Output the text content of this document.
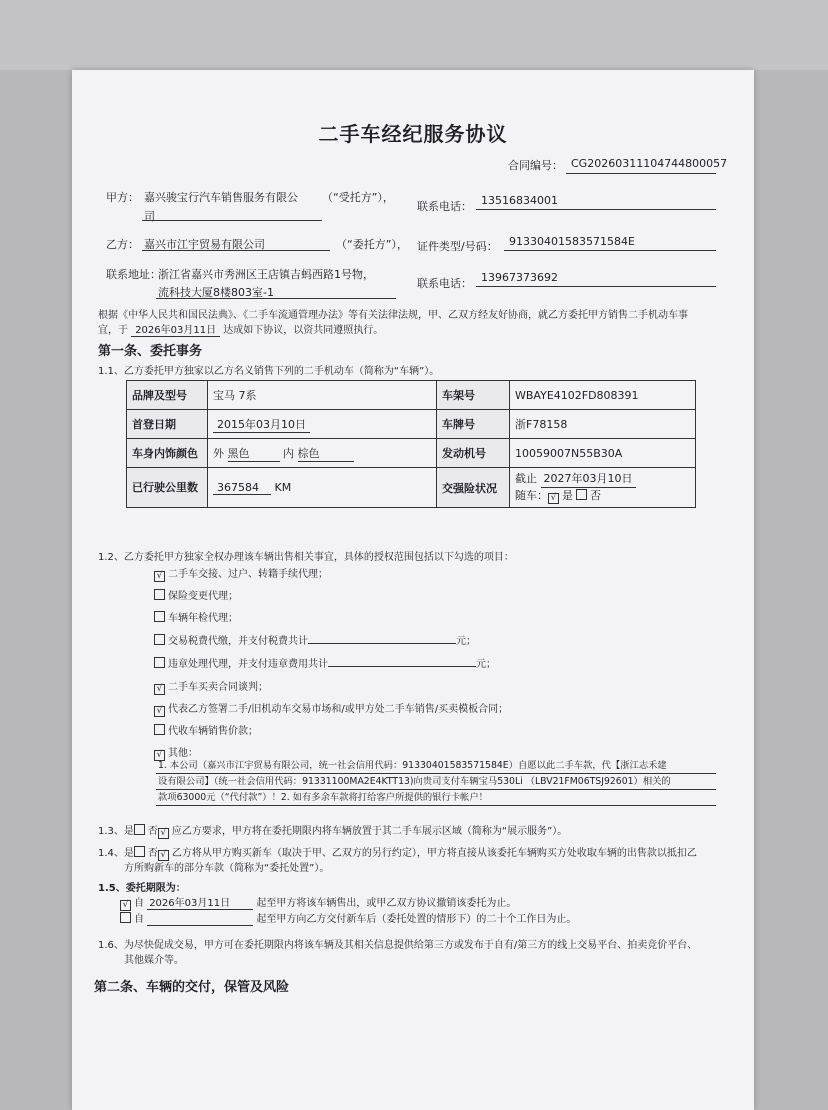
二手车经纪服务协议
合同编号： CG20260311104744800057
甲方： 嘉兴骏宝行汽车销售服务有限公
司
（“受托方”），
联系电话： 13516834001
乙方： 嘉兴市江宇贸易有限公司	（“委托方”）， 证件类型/号码： 91330401583571584E
联系地址：
浙江省嘉兴市秀洲区王店镇吉蚂西路1号物，
流科技大厦8楼803室-1
联系电话： 13967373692
根据《中华人民共和国民法典》、《二手车流通管理办法》等有关法律法规，甲、乙双方经友好协商，就乙方委托甲方销售二手机动车事
宜，于 2026年03月11日 达成如下协议，以资共同遵照执行。
第一条、委托事务
1.1、乙方委托甲方独家以乙方名义销售下列的二手机动车（简称为“车辆”）。
品牌及型号	宝马 7系	车架号	WBAYE4102FD808391
首登日期	2015年03月10日	车牌号	浙F78158
车身内饰颜色	外 黑色 内 棕色	发动机号	10059007N55B30A
已行驶公里数	367584 KM	交强险状况	截止 2027年03月10日
随车： √ 是 否
1.2、乙方委托甲方独家全权办理该车辆出售相关事宜，具体的授权范围包括以下勾选的项目：
√ 二手车交接、过户、转籍手续代理；
保险变更代理；
车辆年检代理；
交易税费代缴，并支付税费共计	元；
违章处理代理，并支付违章费用共计	元；
√ 二手车买卖合同谈判；
√ 代表乙方签署二手/旧机动车交易市场和/或甲方处二手车销售/买卖模板合同；
代收车辆销售价款；
√ 其他：
1. 本公司（嘉兴市江宇贸易有限公司，统一社会信用代码：91330401583571584E）自愿以此二手车款，代【浙江志禾建
设有限公司】（统一社会信用代码：91331100MA2E4KTT13)向贵司支付车辆宝马530Li （LBV21FM06TSJ92601）相关的
款项63000元（“代付款”）！2. 如有多余车款将打给客户所提供的银行卡帐户！
1.3、是 否 √ 应乙方要求，甲方将在委托期限内将车辆放置于其二手车展示区域（简称为“展示服务”）。
1.4、是 否 √ 乙方将从甲方购买新车（取决于甲、乙双方的另行约定），甲方将直接从该委托车辆购买方处收取车辆的出售款以抵扣乙
方所购新车的部分车款（简称为“委托处置”）。
1.5、委托期限为：
√ 自 2026年03月11日	起至甲方将该车辆售出，或甲乙双方协议撤销该委托为止。
自	起至甲方向乙方交付新车后（委托处置的情形下）的二十个工作日为止。
1.6、为尽快促成交易，甲方可在委托期限内将该车辆及其相关信息提供给第三方或发布于自有/第三方的线上交易平台、拍卖竞价平台、
其他媒介等。
第二条、车辆的交付，保管及风险
